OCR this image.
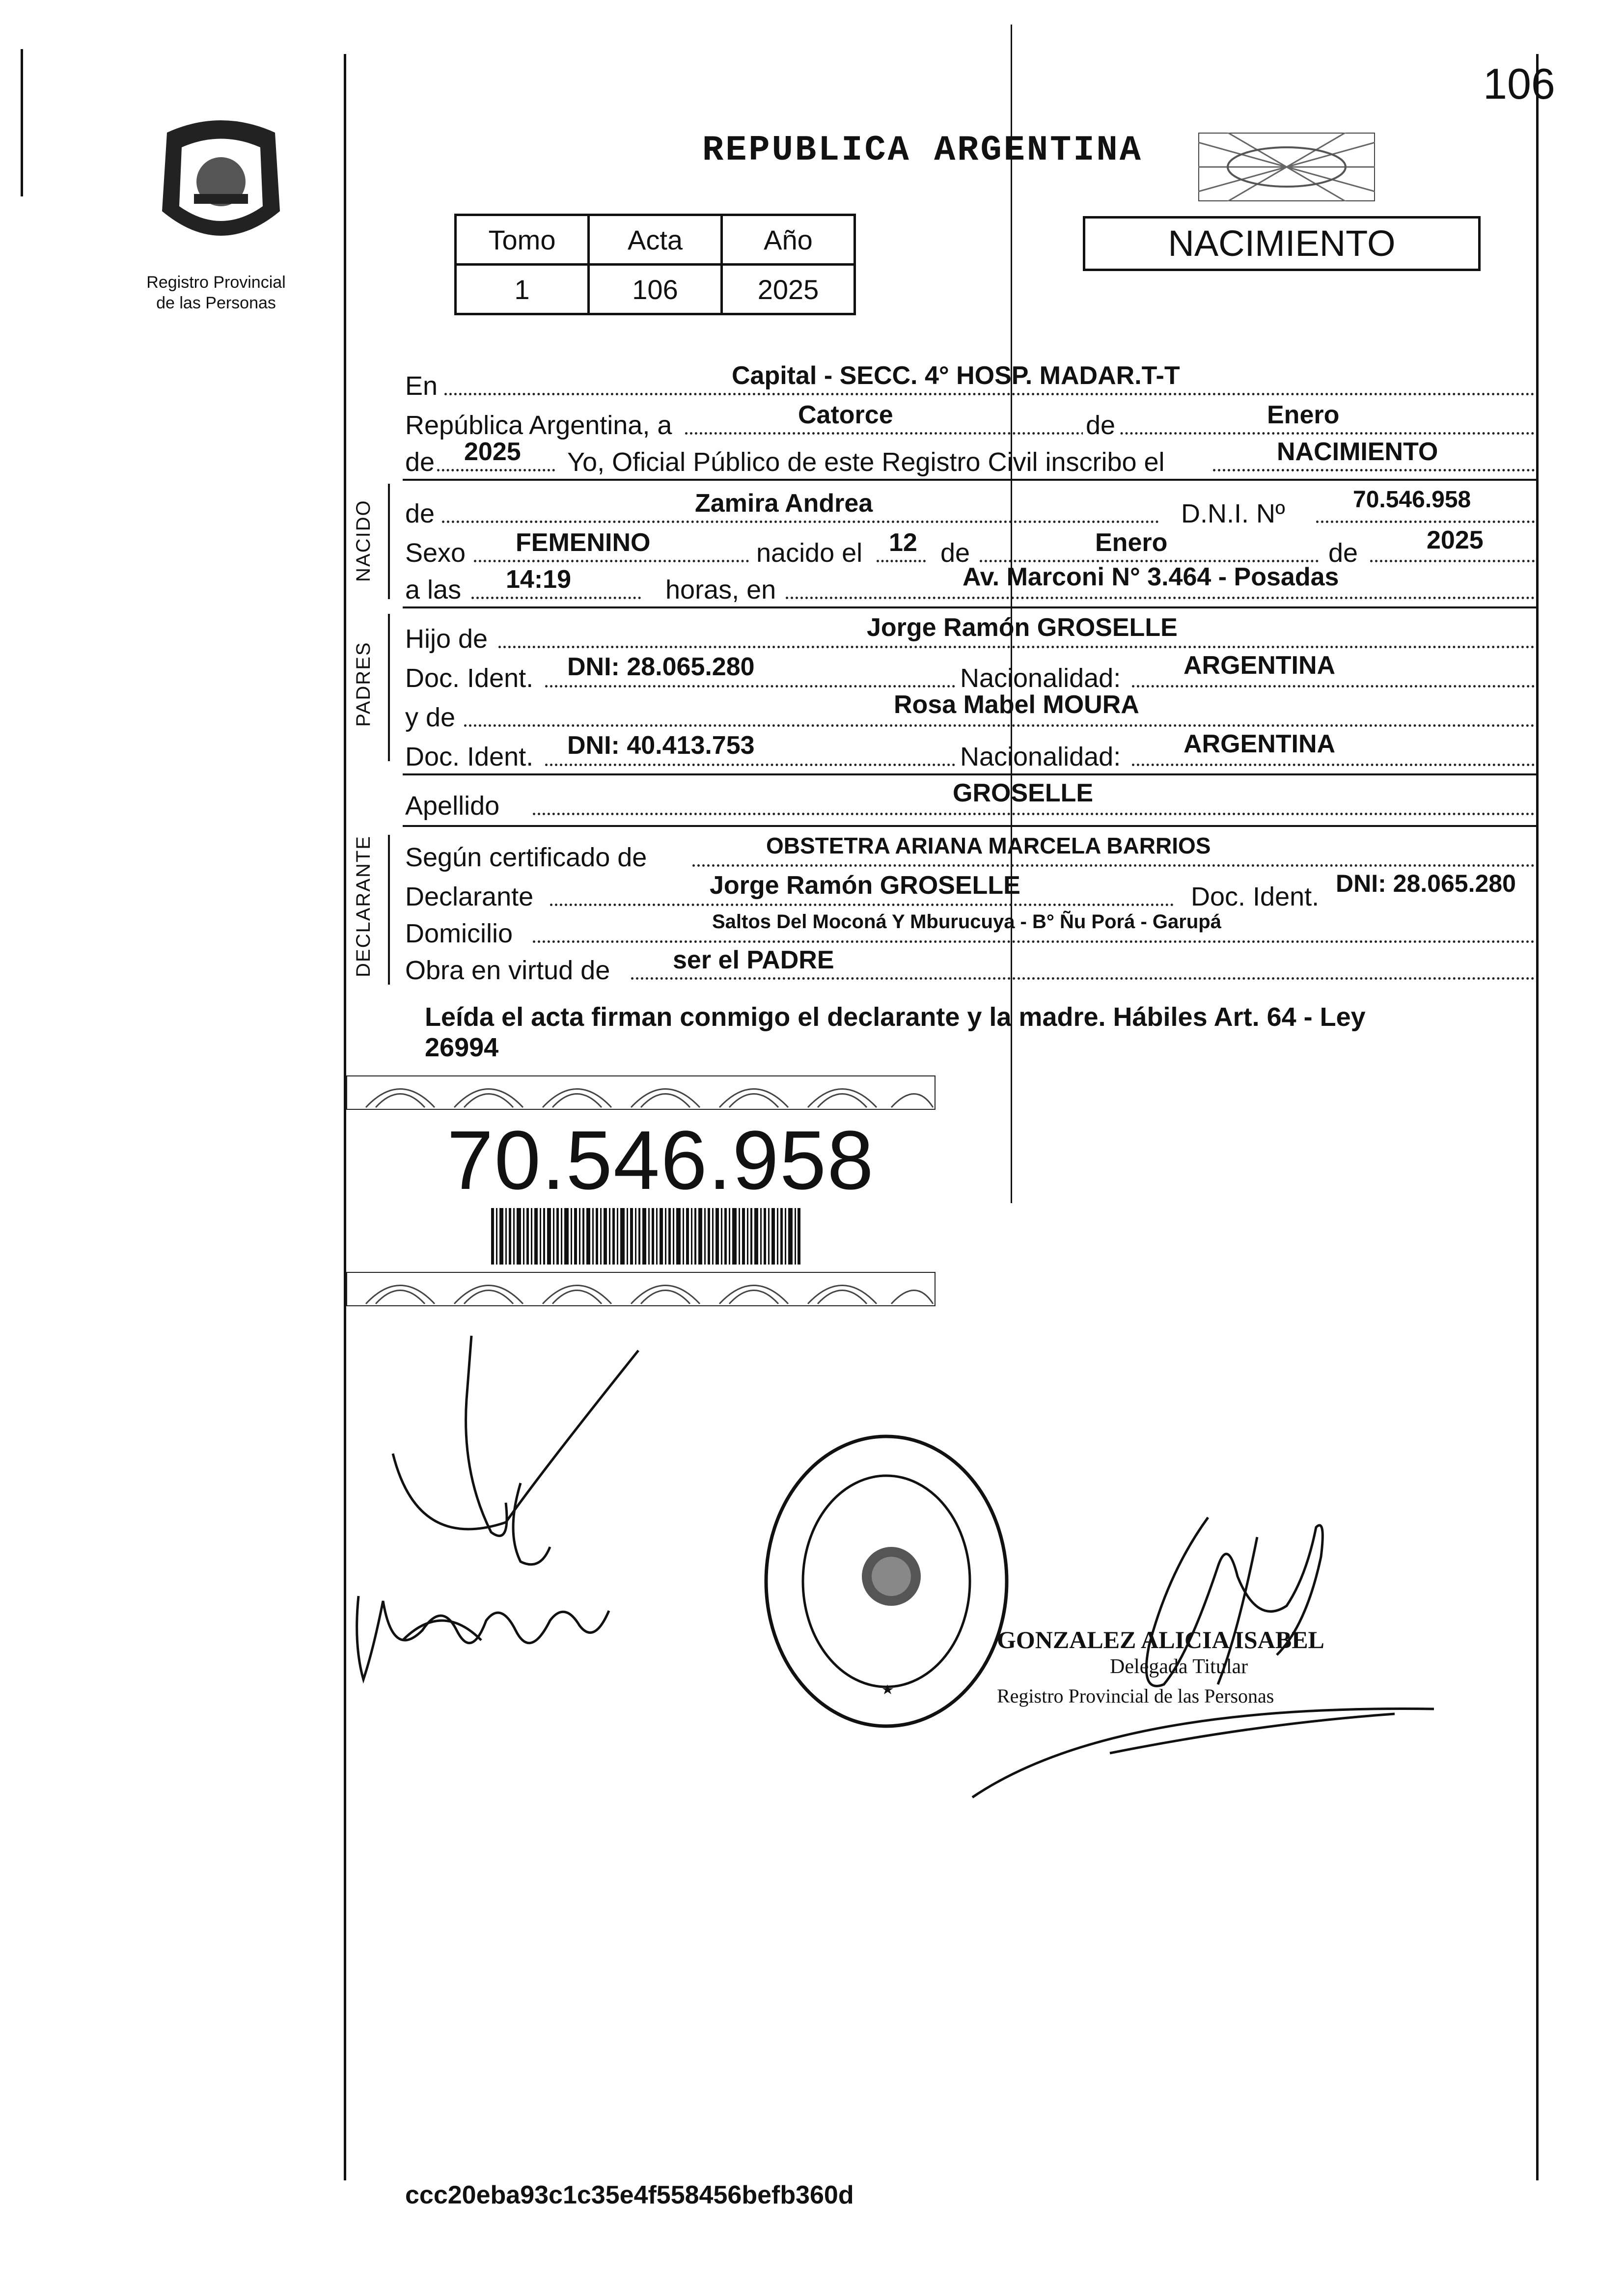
106
Registro Provincial
de las Personas
REPUBLICA ARGENTINA
Tomo	Acta	Año
1	106	2025
NACIMIENTO
En	Capital - SECC. 4° HOSP. MADAR.T-T
República Argentina, a	Catorce	de	Enero
de 2025 Yo, Oficial Público de este Registro Civil inscribo el	NACIMIENTO
NACIDO de	Zamira Andrea	D.N.I. Nº	70.546.958
Sexo FEMENINO	nacido el 12 de	Enero	de	2025
a las 14:19	horas, en	Av. Marconi N° 3.464 - Posadas
PADRES
Hijo de	Jorge Ramón GROSELLE
Doc. Ident. DNI: 28.065.280	Nacionalidad: ARGENTINA
y de	Rosa Mabel MOURA
Doc. Ident. DNI: 40.413.753	Nacionalidad: ARGENTINA
Apellido	GROSELLE
DECLARANTE Según certificado de	OBSTETRA ARIANA MARCELA BARRIOS
Declarante	Jorge Ramón GROSELLE	Doc. Ident. DNI: 28.065.280
Domicilio	Saltos Del Moconá Y Mburucuya - B° Ñu Porá - Garupá
Obra en virtud de ser el PADRE
Leída el acta firman conmigo el declarante y la madre. Hábiles Art. 64 - Ley
26994
70.546.958
GONZALEZ ALICIA ISABEL
Delegada Titular
Registro Provincial de las Personas
ccc20eba93c1c35e4f558456befb360d
